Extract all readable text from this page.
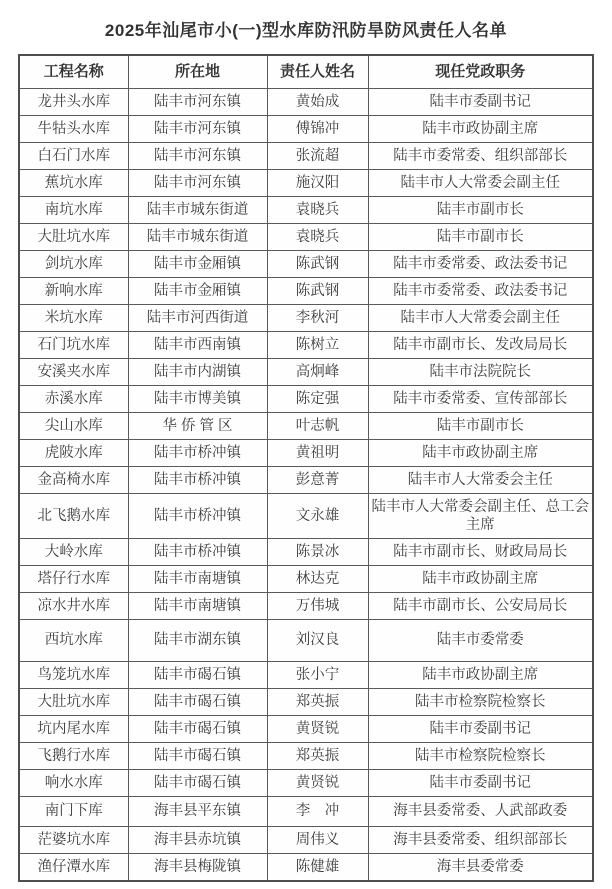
2025年汕尾市小(一)型水库防汛防旱防风责任人名单
工程名称	所在地	责任人姓名	现任党政职务
龙井头水库	陆丰市河东镇	黄始成	陆丰市委副书记
牛牯头水库	陆丰市河东镇	傅锦冲	陆丰市政协副主席
白石门水库	陆丰市河东镇	张流超	陆丰市委常委、组织部部长
蕉坑水库	陆丰市河东镇	施汉阳	陆丰市人大常委会副主任
南坑水库	陆丰市城东街道	袁晓兵	陆丰市副市长
大肚坑水库	陆丰市城东街道	袁晓兵	陆丰市副市长
剑坑水库	陆丰市金厢镇	陈武钢	陆丰市委常委、政法委书记
新响水库	陆丰市金厢镇	陈武钢	陆丰市委常委、政法委书记
米坑水库	陆丰市河西街道	李秋河	陆丰市人大常委会副主任
石门坑水库	陆丰市西南镇	陈树立	陆丰市副市长、发改局局长
安溪夹水库	陆丰市内湖镇	高炯峰	陆丰市法院院长
赤溪水库	陆丰市博美镇	陈定强	陆丰市委常委、宣传部部长
尖山水库	华 侨 管 区	叶志帆	陆丰市副市长
虎陂水库	陆丰市桥冲镇	黄祖明	陆丰市政协副主席
金高椅水库	陆丰市桥冲镇	彭意菁	陆丰市人大常委会主任
北飞鹅水库	陆丰市桥冲镇	文永雄	陆丰市人大常委会副主任、总工会主席
大岭水库	陆丰市桥冲镇	陈景冰	陆丰市副市长、财政局局长
塔仔行水库	陆丰市南塘镇	林达克	陆丰市政协副主席
凉水井水库	陆丰市南塘镇	万伟城	陆丰市副市长、公安局局长
西坑水库	陆丰市湖东镇	刘汉良	陆丰市委常委
鸟笼坑水库	陆丰市碣石镇	张小宁	陆丰市政协副主席
大肚坑水库	陆丰市碣石镇	郑英振	陆丰市检察院检察长
坑内尾水库	陆丰市碣石镇	黄贤锐	陆丰市委副书记
飞鹅行水库	陆丰市碣石镇	郑英振	陆丰市检察院检察长
响水水库	陆丰市碣石镇	黄贤锐	陆丰市委副书记
南门下库	海丰县平东镇	李　冲	海丰县委常委、人武部政委
茫婆坑水库	海丰县赤坑镇	周伟义	海丰县委常委、组织部部长
渔仔潭水库	海丰县梅陇镇	陈健雄	海丰县委常委
